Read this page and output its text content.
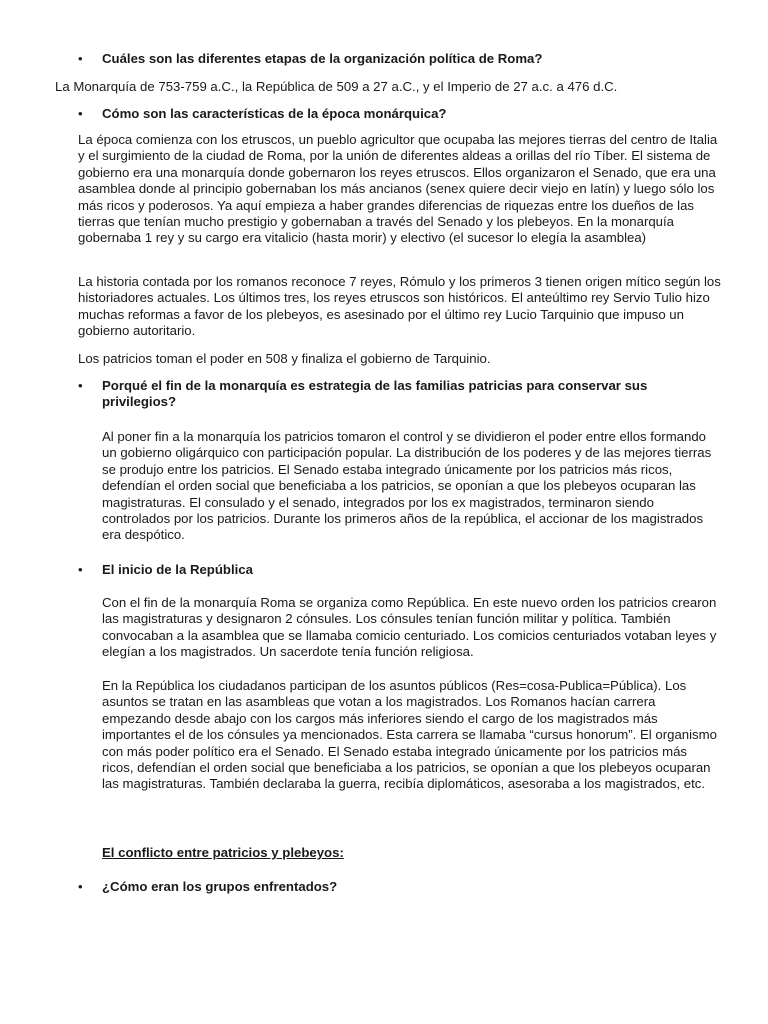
• Cuáles son las diferentes etapas de la organización política de Roma?
La Monarquía de 753-759 a.C., la República de 509 a 27 a.C., y el Imperio de 27 a.c. a 476 d.C.
• Cómo son las características de la época monárquica?
La época comienza con los etruscos, un pueblo agricultor que ocupaba las mejores tierras del centro de Italia y el surgimiento de la ciudad de Roma, por la unión de diferentes aldeas a orillas del río Tíber. El sistema de gobierno era una monarquía donde gobernaron los reyes etruscos. Ellos organizaron el Senado, que era una asamblea donde al principio gobernaban los más ancianos (senex quiere decir viejo en latín) y luego sólo los más ricos y poderosos. Ya aquí empieza a haber grandes diferencias de riquezas entre los dueños de las tierras que tenían mucho prestigio y gobernaban a través del Senado y los plebeyos. En la monarquía gobernaba 1 rey y su cargo era vitalicio (hasta morir) y electivo (el sucesor lo elegía la asamblea)
La historia contada por los romanos reconoce 7 reyes, Rómulo y los primeros 3 tienen origen mítico según los historiadores actuales. Los últimos tres, los reyes etruscos son históricos. El anteúltimo rey Servio Tulio hizo muchas reformas a favor de los plebeyos, es asesinado por el último rey Lucio Tarquinio que impuso un gobierno autoritario.
Los patricios toman el poder en 508 y finaliza el gobierno de Tarquinio.
• Porqué el fin de la monarquía es estrategia de las familias patricias para conservar sus privilegios?
Al poner fin a la monarquía los patricios tomaron el control y se dividieron el poder entre ellos formando un gobierno oligárquico con participación popular. La distribución de los poderes y de las mejores tierras se produjo entre los patricios. El Senado estaba integrado únicamente por los patricios más ricos, defendían el orden social que beneficiaba a los patricios, se oponían a que los plebeyos ocuparan las magistraturas. El consulado y el senado, integrados por los ex magistrados, terminaron siendo controlados por los patricios. Durante los primeros años de la república, el accionar de los magistrados era despótico.
• El inicio de la República
Con el fin de la monarquía Roma se organiza como República. En este nuevo orden los patricios crearon las magistraturas y designaron 2 cónsules. Los cónsules tenían función militar y política. También convocaban a la asamblea que se llamaba comicio centuriado. Los comicios centuriados votaban leyes y elegían a los magistrados. Un sacerdote tenía función religiosa.
En la República los ciudadanos participan de los asuntos públicos (Res=cosa-Publica=Pública). Los asuntos se tratan en las asambleas que votan a los magistrados. Los Romanos hacían carrera empezando desde abajo con los cargos más inferiores siendo el cargo de los magistrados más importantes el de los cónsules ya mencionados. Esta carrera se llamaba “cursus honorum”. El organismo con más poder político era el Senado. El Senado estaba integrado únicamente por los patricios más ricos, defendían el orden social que beneficiaba a los patricios, se oponían a que los plebeyos ocuparan las magistraturas. También declaraba la guerra, recibía diplomáticos, asesoraba a los magistrados, etc.
El conflicto entre patricios y plebeyos:
• ¿Cómo eran los grupos enfrentados?
